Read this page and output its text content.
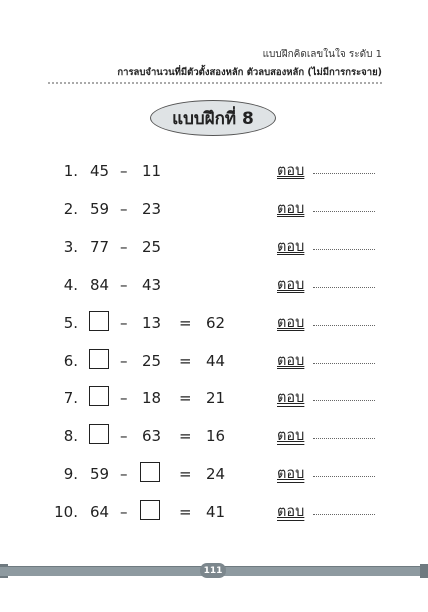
แบบฝึกคิดเลขในใจ ระดับ 1
การลบจำนวนที่มีตัวตั้งสองหลัก ตัวลบสองหลัก (ไม่มีการกระจาย)
แบบฝึกที่ 8
1. 45 – 11	ตอบ
2. 59 – 23	ตอบ
3. 77 – 25	ตอบ
4. 84 – 43	ตอบ
5.	– 13 = 62	ตอบ
6.	– 25 = 44	ตอบ
7.	– 18 = 21	ตอบ
8.	– 63 = 16	ตอบ
9. 59 –	= 24	ตอบ
10. 64 –	= 41	ตอบ
111
